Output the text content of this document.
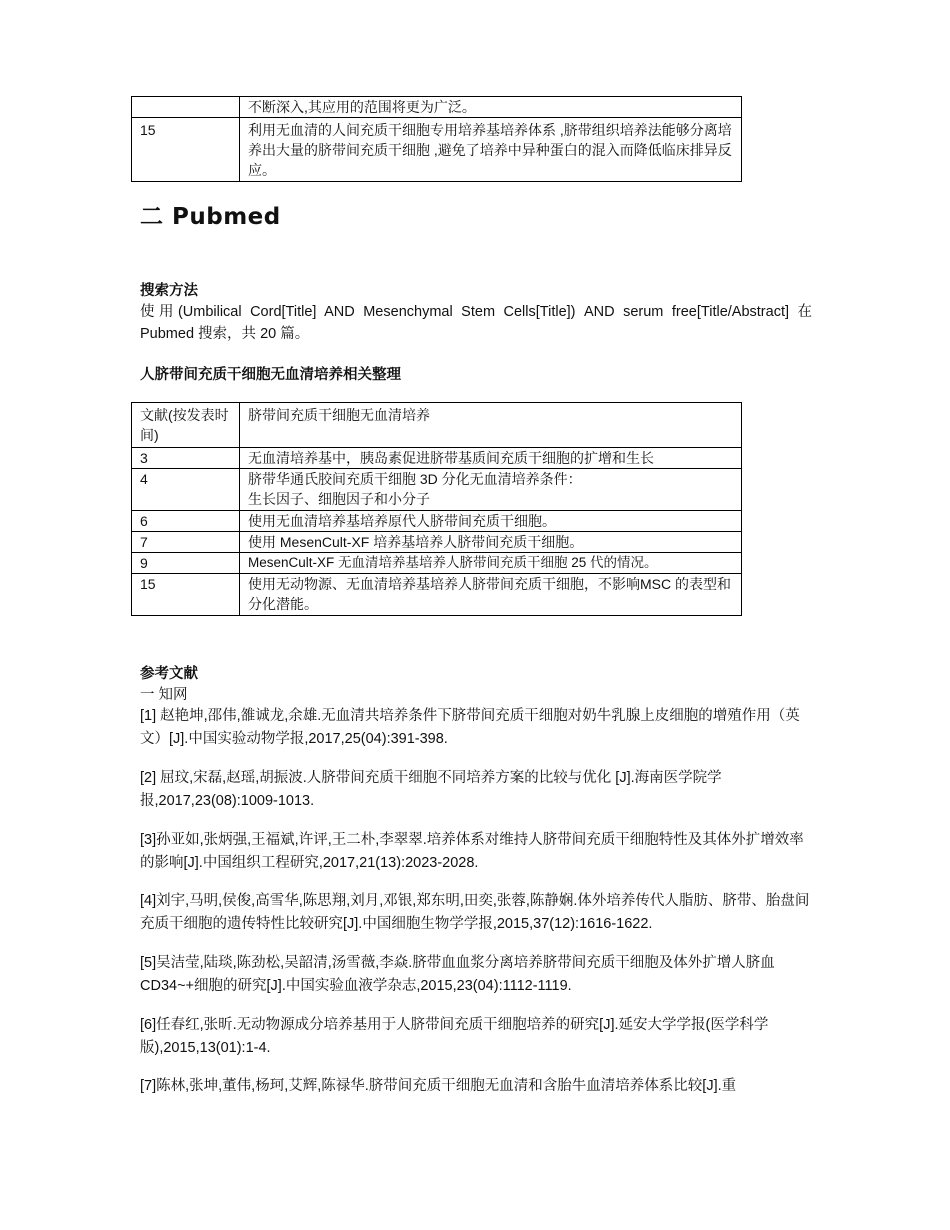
	不断深入,其应用的范围将更为广泛。
15	利用无血清的人间充质干细胞专用培养基培养体系 ,脐带组织培养法能够分离培养出大量的脐带间充质干细胞 ,避免了培养中异种蛋白的混入而降低临床排异反应。
二 Pubmed
搜索方法
使用(Umbilical Cord[Title] AND Mesenchymal Stem Cells[Title]) AND serum free[Title/Abstract] 在 Pubmed 搜索，共 20 篇。
人脐带间充质干细胞无血清培养相关整理
文献(按发表时间)	脐带间充质干细胞无血清培养
3	无血清培养基中，胰岛素促进脐带基质间充质干细胞的扩增和生长
4	脐带华通氏胶间充质干细胞 3D 分化无血清培养条件：
生长因子、细胞因子和小分子

6	使用无血清培养基培养原代人脐带间充质干细胞。
7	使用 MesenCult-XF 培养基培养人脐带间充质干细胞。
9	MesenCult-XF 无血清培养基培养人脐带间充质干细胞 25 代的情况。
15	使用无动物源、无血清培养基培养人脐带间充质干细胞，不影响MSC 的表型和分化潜能。
参考文献
一 知网
[1] 赵艳坤,邵伟,雒诚龙,余雄.无血清共培养条件下脐带间充质干细胞对奶牛乳腺上皮细胞的增殖作用（英文）[J].中国实验动物学报,2017,25(04):391-398.
[2] 屈玟,宋磊,赵瑶,胡振波.人脐带间充质干细胞不同培养方案的比较与优化 [J].海南医学院学报,2017,23(08):1009-1013.
[3]孙亚如,张炳强,王福斌,许评,王二朴,李翠翠.培养体系对维持人脐带间充质干细胞特性及其体外扩增效率的影响[J].中国组织工程研究,2017,21(13):2023-2028.
[4]刘宇,马明,侯俊,高雪华,陈思翔,刘月,邓银,郑东明,田奕,张蓉,陈静娴.体外培养传代人脂肪、脐带、胎盘间充质干细胞的遗传特性比较研究[J].中国细胞生物学学报,2015,37(12):1616-1622.
[5]吴洁莹,陆琰,陈劲松,吴韶清,汤雪薇,李焱.脐带血血浆分离培养脐带间充质干细胞及体外扩增人脐血 CD34~+细胞的研究[J].中国实验血液学杂志,2015,23(04):1112-1119.
[6]任春红,张昕.无动物源成分培养基用于人脐带间充质干细胞培养的研究[J].延安大学学报(医学科学版),2015,13(01):1-4.
[7]陈林,张坤,董伟,杨珂,艾辉,陈禄华.脐带间充质干细胞无血清和含胎牛血清培养体系比较[J].重
